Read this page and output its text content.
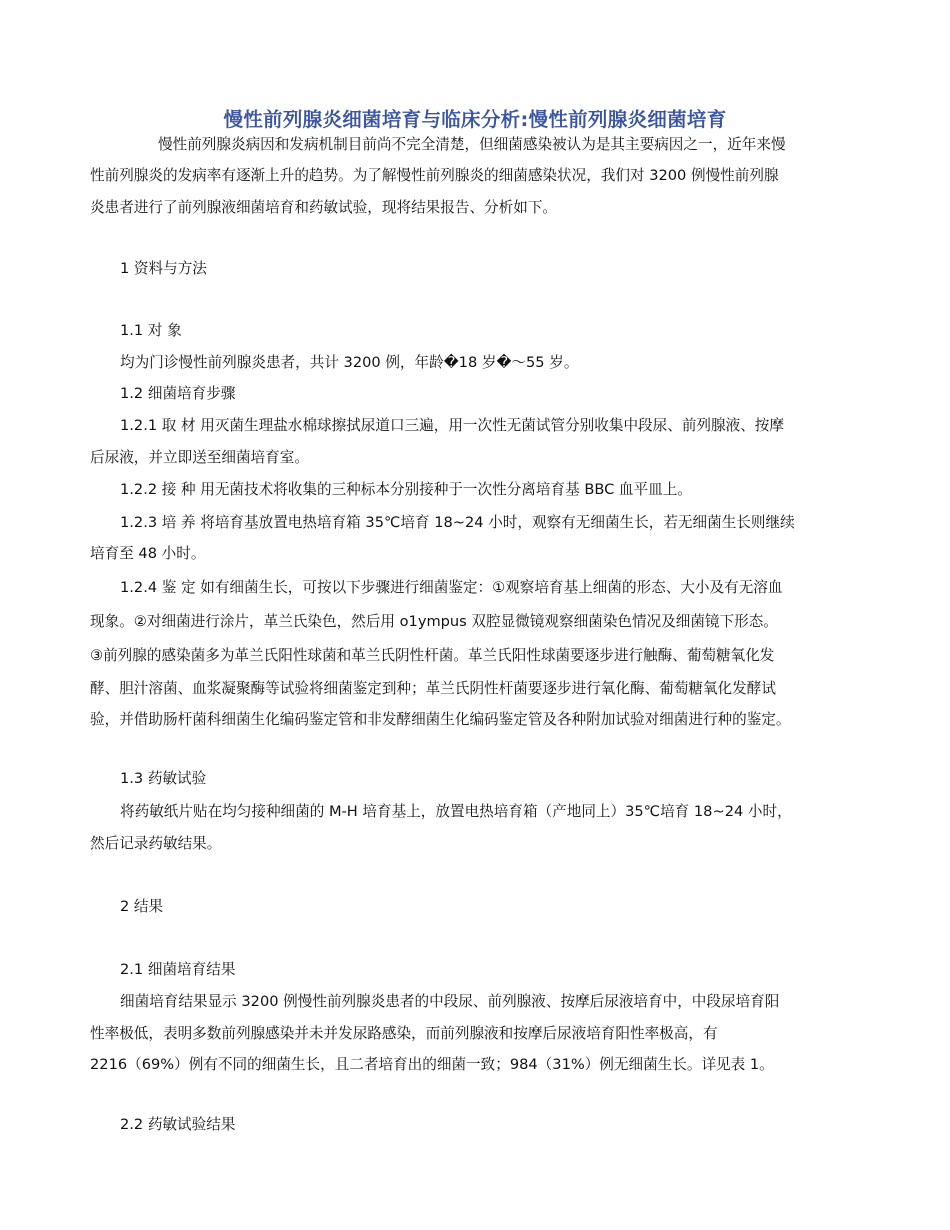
慢性前列腺炎细菌培育与临床分析:慢性前列腺炎细菌培育
慢性前列腺炎病因和发病机制目前尚不完全清楚，但细菌感染被认为是其主要病因之一，近年来慢
性前列腺炎的发病率有逐渐上升的趋势。为了解慢性前列腺炎的细菌感染状况，我们对 3200 例慢性前列腺
炎患者进行了前列腺液细菌培育和药敏试验，现将结果报告、分析如下。
1 资料与方法
1.1 对 象
均为门诊慢性前列腺炎患者，共计 3200 例，年龄�18 岁�～55 岁。
1.2 细菌培育步骤
1.2.1 取 材 用灭菌生理盐水棉球擦拭尿道口三遍，用一次性无菌试管分别收集中段尿、前列腺液、按摩
后尿液，并立即送至细菌培育室。
1.2.2 接 种 用无菌技术将收集的三种标本分别接种于一次性分离培育基 BBC 血平皿上。
1.2.3 培 养 将培育基放置电热培育箱 35℃培育 18~24 小时，观察有无细菌生长，若无细菌生长则继续
培育至 48 小时。
1.2.4 鉴 定 如有细菌生长，可按以下步骤进行细菌鉴定：①观察培育基上细菌的形态、大小及有无溶血
现象。②对细菌进行涂片，革兰氏染色，然后用 o1ympus 双腔显微镜观察细菌染色情况及细菌镜下形态。
③前列腺的感染菌多为革兰氏阳性球菌和革兰氏阴性杆菌。革兰氏阳性球菌要逐步进行触酶、葡萄糖氧化发
酵、胆汁溶菌、血浆凝聚酶等试验将细菌鉴定到种；革兰氏阴性杆菌要逐步进行氧化酶、葡萄糖氧化发酵试
验，并借助肠杆菌科细菌生化编码鉴定管和非发酵细菌生化编码鉴定管及各种附加试验对细菌进行种的鉴定。
1.3 药敏试验
将药敏纸片贴在均匀接种细菌的 M-H 培育基上，放置电热培育箱（产地同上）35℃培育 18~24 小时，
然后记录药敏结果。
2 结果
2.1 细菌培育结果
细菌培育结果显示 3200 例慢性前列腺炎患者的中段尿、前列腺液、按摩后尿液培育中，中段尿培育阳
性率极低，表明多数前列腺感染并未并发尿路感染，而前列腺液和按摩后尿液培育阳性率极高，有
2216（69%）例有不同的细菌生长，且二者培育出的细菌一致；984（31%）例无细菌生长。详见表 1。
2.2 药敏试验结果
